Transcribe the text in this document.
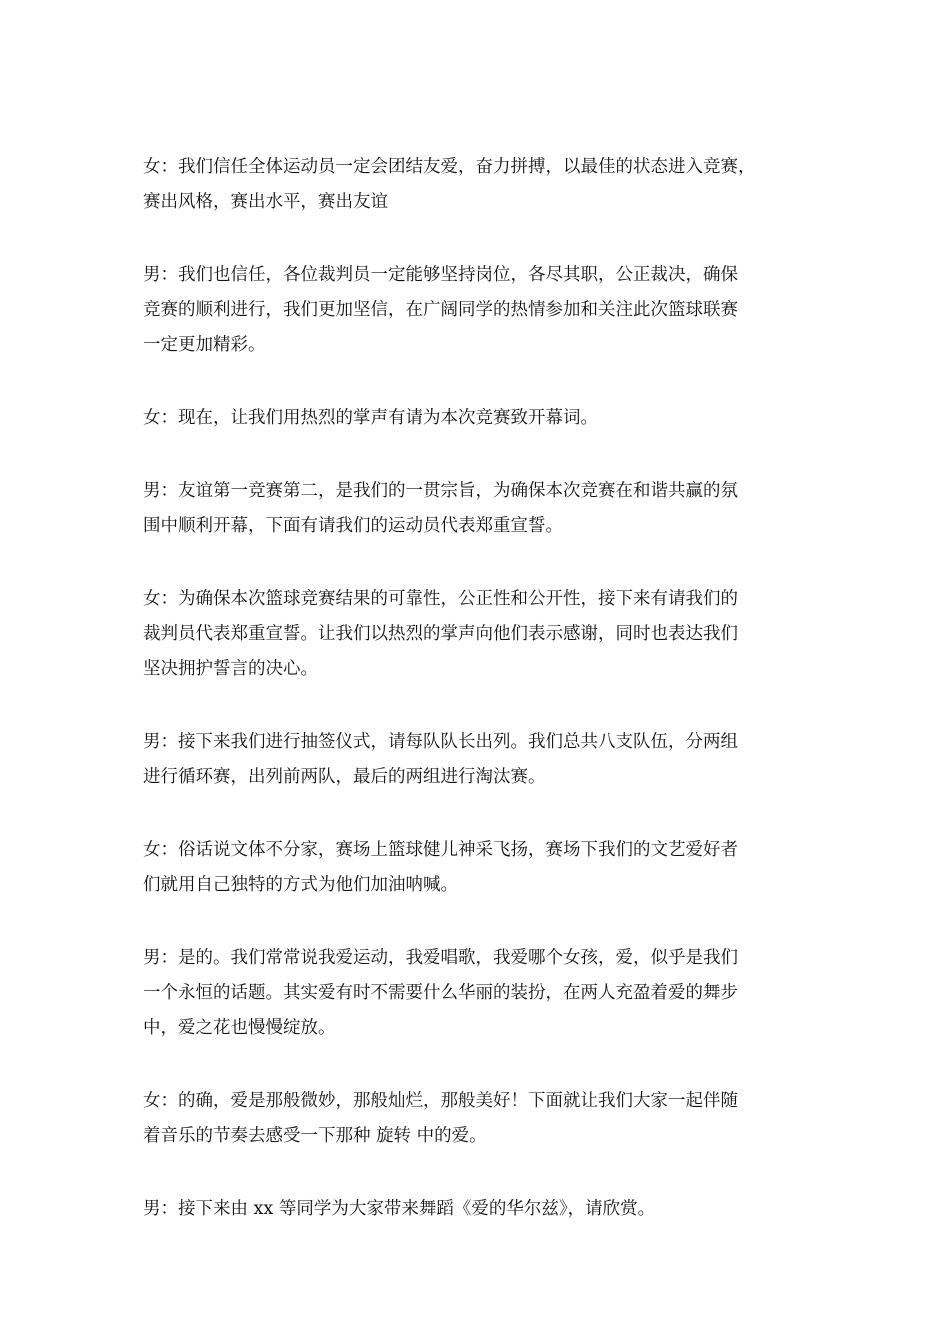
女：我们信任全体运动员一定会团结友爱，奋力拼搏，以最佳的状态进入竞赛，
赛出风格，赛出水平，赛出友谊

男：我们也信任，各位裁判员一定能够坚持岗位，各尽其职，公正裁决，确保
竞赛的顺利进行，我们更加坚信，在广阔同学的热情参加和关注此次篮球联赛
一定更加精彩。

女：现在，让我们用热烈的掌声有请为本次竞赛致开幕词。

男：友谊第一竞赛第二，是我们的一贯宗旨，为确保本次竞赛在和谐共赢的氛
围中顺利开幕，下面有请我们的运动员代表郑重宣誓。

女：为确保本次篮球竞赛结果的可靠性，公正性和公开性，接下来有请我们的
裁判员代表郑重宣誓。让我们以热烈的掌声向他们表示感谢，同时也表达我们
坚决拥护誓言的决心。

男：接下来我们进行抽签仪式，请每队队长出列。我们总共八支队伍，分两组
进行循环赛，出列前两队，最后的两组进行淘汰赛。

女：俗话说文体不分家，赛场上篮球健儿神采飞扬，赛场下我们的文艺爱好者
们就用自己独特的方式为他们加油呐喊。

男：是的。我们常常说我爱运动，我爱唱歌，我爱哪个女孩，爱，似乎是我们
一个永恒的话题。其实爱有时不需要什么华丽的装扮，在两人充盈着爱的舞步
中，爱之花也慢慢绽放。

女：的确，爱是那般微妙，那般灿烂，那般美好！下面就让我们大家一起伴随
着音乐的节奏去感受一下那种 旋转 中的爱。

男：接下来由 xx 等同学为大家带来舞蹈《爱的华尔兹》，请欣赏。
